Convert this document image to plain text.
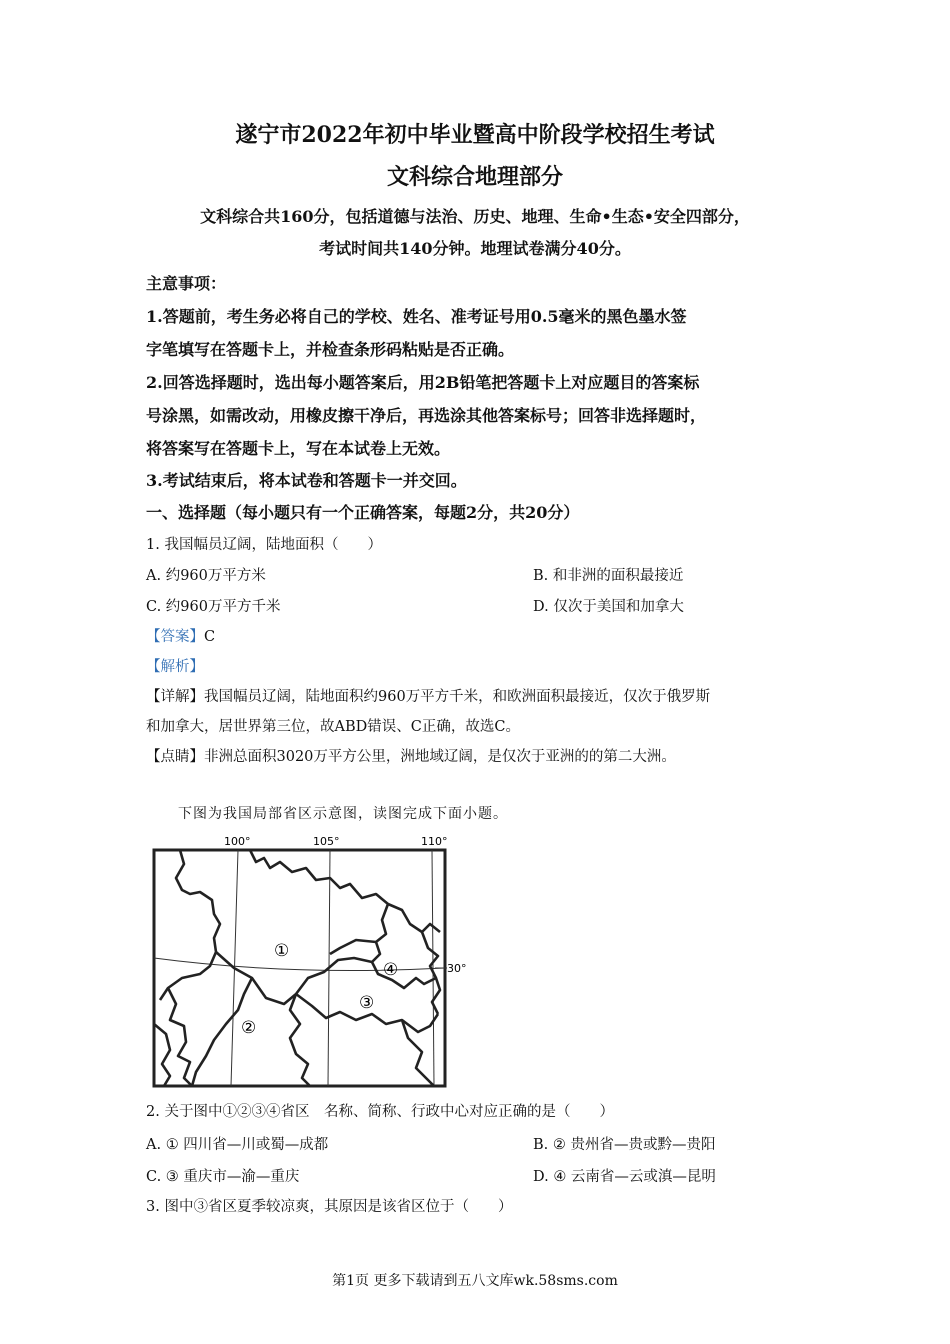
遂宁市2022年初中毕业暨高中阶段学校招生考试
文科综合地理部分
文科综合共160分，包括道德与法治、历史、地理、生命•生态•安全四部分，
考试时间共140分钟。地理试卷满分40分。
主意事项：
1.答题前，考生务必将自己的学校、姓名、准考证号用0.5毫米的黑色墨水签
字笔填写在答题卡上，并检查条形码粘贴是否正确。
2.回答选择题时，选出每小题答案后，用2B铅笔把答题卡上对应题目的答案标
号涂黑，如需改动，用橡皮擦干净后，再选涂其他答案标号；回答非选择题时，
将答案写在答题卡上，写在本试卷上无效。
3.考试结束后，将本试卷和答题卡一并交回。
一、选择题（每小题只有一个正确答案，每题2分，共20分）
1. 我国幅员辽阔，陆地面积（　　）
A. 约960万平方米	B. 和非洲的面积最接近
C. 约960万平方千米	D. 仅次于美国和加拿大
【答案】C
【解析】
【详解】我国幅员辽阔，陆地面积约960万平方千米，和欧洲面积最接近，仅次于俄罗斯
和加拿大，居世界第三位，故ABD错误、C正确，故选C。
【点睛】非洲总面积3020万平方公里，洲地域辽阔，是仅次于亚洲的的第二大洲。
下图为我国局部省区示意图，读图完成下面小题。
100°	105°	110°
30°
①
②
③
④
2. 关于图中①②③④省区　名称、简称、行政中心对应正确的是（　　）
A. ① 四川省—川或蜀—成都	B. ② 贵州省—贵或黔—贵阳
C. ③ 重庆市—渝—重庆	D. ④ 云南省—云或滇—昆明
3. 图中③省区夏季较凉爽，其原因是该省区位于（　　）
第1页 更多下载请到五八文库wk.58sms.com
